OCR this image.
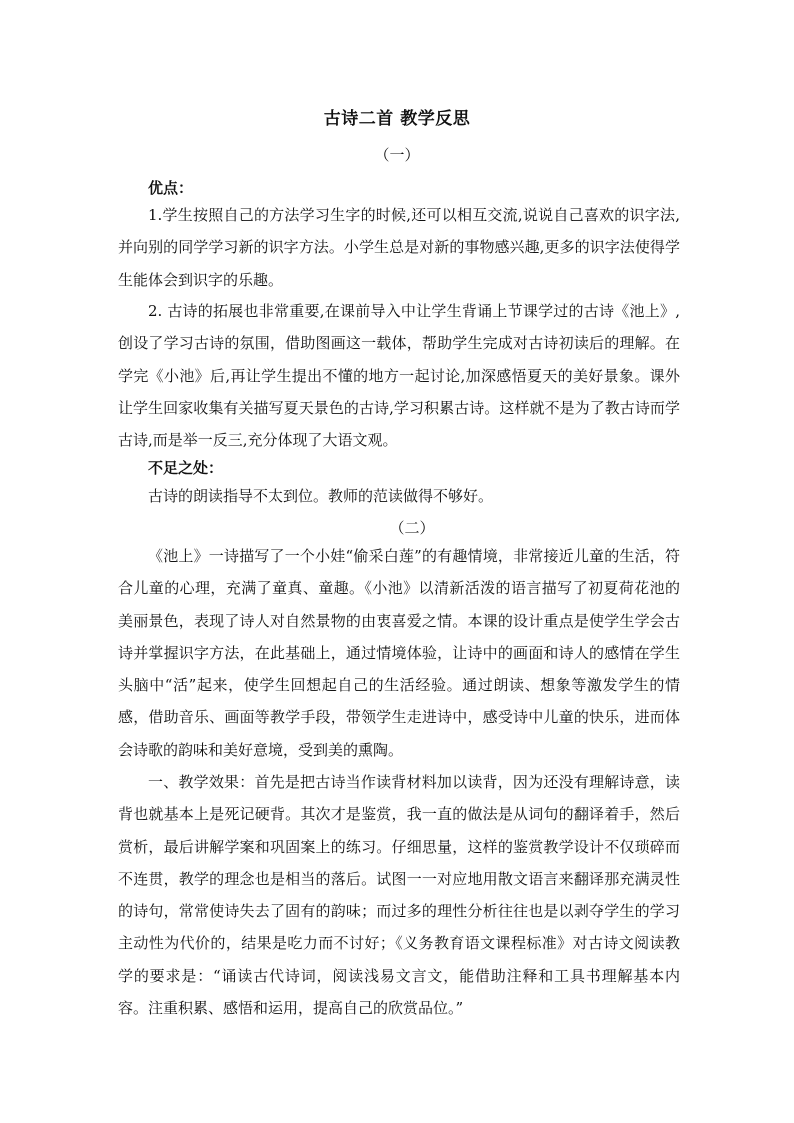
古诗二首 教学反思
（一）
优点：

1.学生按照自己的方法学习生字的时候,还可以相互交流,说说自己喜欢的识字法,并向别的同学学习新的识字方法。小学生总是对新的事物感兴趣,更多的识字法使得学生能体会到识字的乐趣。

2. 古诗的拓展也非常重要,在课前导入中让学生背诵上节课学过的古诗《池上》,创设了学习古诗的氛围，借助图画这一载体，帮助学生完成对古诗初读后的理解。在学完《小池》后,再让学生提出不懂的地方一起讨论,加深感悟夏天的美好景象。课外让学生回家收集有关描写夏天景色的古诗,学习积累古诗。这样就不是为了教古诗而学古诗,而是举一反三,充分体现了大语文观。

不足之处：

古诗的朗读指导不太到位。教师的范读做得不够好。

（二）

《池上》一诗描写了一个小娃“偷采白莲”的有趣情境，非常接近儿童的生活，符合儿童的心理，充满了童真、童趣。《小池》以清新活泼的语言描写了初夏荷花池的美丽景色，表现了诗人对自然景物的由衷喜爱之情。本课的设计重点是使学生学会古诗并掌握识字方法，在此基础上，通过情境体验，让诗中的画面和诗人的感情在学生头脑中“活”起来，使学生回想起自己的生活经验。通过朗读、想象等激发学生的情感，借助音乐、画面等教学手段，带领学生走进诗中，感受诗中儿童的快乐，进而体会诗歌的韵味和美好意境，受到美的熏陶。

一、教学效果：首先是把古诗当作读背材料加以读背，因为还没有理解诗意，读背也就基本上是死记硬背。其次才是鉴赏，我一直的做法是从词句的翻译着手，然后赏析，最后讲解学案和巩固案上的练习。仔细思量，这样的鉴赏教学设计不仅琐碎而不连贯，教学的理念也是相当的落后。试图一一对应地用散文语言来翻译那充满灵性的诗句，常常使诗失去了固有的韵味；而过多的理性分析往往也是以剥夺学生的学习主动性为代价的，结果是吃力而不讨好；《义务教育语文课程标准》对古诗文阅读教学的要求是：“诵读古代诗词，阅读浅易文言文，能借助注释和工具书理解基本内容。注重积累、感悟和运用，提高自己的欣赏品位。”
